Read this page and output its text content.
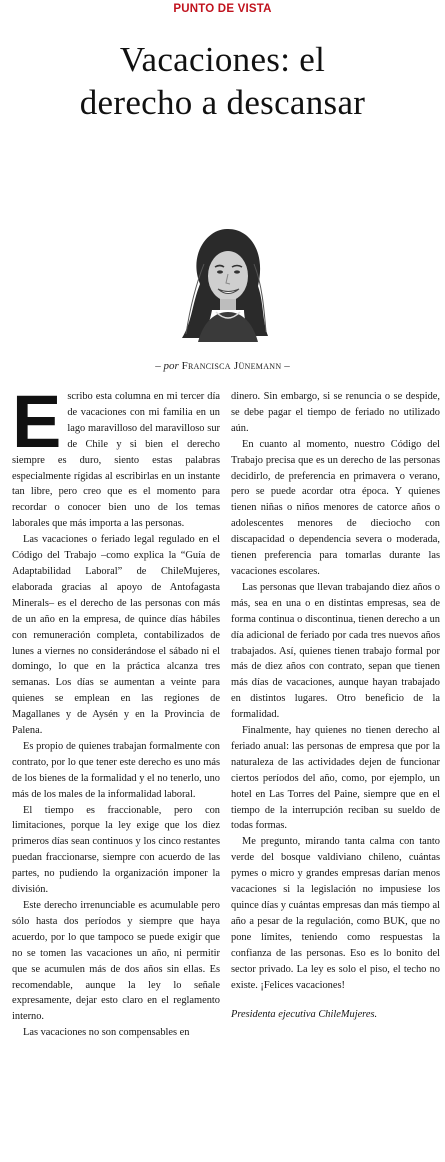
PUNTO DE VISTA
Vacaciones: el
derecho a descansar
– por Francisca Jünemann –

Escribo esta columna en mi tercer día de vacaciones con mi familia en un lago maravilloso del maravilloso sur de Chile y si bien el derecho siempre es duro, siento estas palabras especialmente rígidas al escribirlas en un instante tan libre, pero creo que es el momento para recordar o conocer bien uno de los temas laborales que más importa a las personas.

Las vacaciones o feriado legal regulado en el Código del Trabajo –como explica la “Guía de Adaptabilidad Laboral” de ChileMujeres, elaborada gracias al apoyo de Antofagasta Minerals– es el derecho de las personas con más de un año en la empresa, de quince días hábiles con remuneración completa, contabilizados de lunes a viernes no considerándose el sábado ni el domingo, lo que en la práctica alcanza tres semanas. Los días se aumentan a veinte para quienes se emplean en las regiones de Magallanes y de Aysén y en la Provincia de Palena.

Es propio de quienes trabajan formalmente con contrato, por lo que tener este derecho es uno más de los bienes de la formalidad y el no tenerlo, uno más de los males de la informalidad laboral.

El tiempo es fraccionable, pero con limitaciones, porque la ley exige que los diez primeros días sean continuos y los cinco restantes puedan fraccionarse, siempre con acuerdo de las partes, no pudiendo la organización imponer la división.

Este derecho irrenunciable es acumulable pero sólo hasta dos períodos y siempre que haya acuerdo, por lo que tampoco se puede exigir que no se tomen las vacaciones un año, ni permitir que se acumulen más de dos años sin ellas. Es recomendable, aunque la ley lo señale expresamente, dejar esto claro en el reglamento interno.

Las vacaciones no son compensables en

dinero. Sin embargo, si se renuncia o se despide, se debe pagar el tiempo de feriado no utilizado aún.

En cuanto al momento, nuestro Código del Trabajo precisa que es un derecho de las personas decidirlo, de preferencia en primavera o verano, pero se puede acordar otra época. Y quienes tienen niñas o niños menores de catorce años o adolescentes menores de dieciocho con discapacidad o dependencia severa o moderada, tienen preferencia para tomarlas durante las vacaciones escolares.

Las personas que llevan trabajando diez años o más, sea en una o en distintas empresas, sea de forma continua o discontinua, tienen derecho a un día adicional de feriado por cada tres nuevos años trabajados. Así, quienes tienen trabajo formal por más de diez años con contrato, sepan que tienen más días de vacaciones, aunque hayan trabajado en distintos lugares. Otro beneficio de la formalidad.

Finalmente, hay quienes no tienen derecho al feriado anual: las personas de empresa que por la naturaleza de las actividades dejen de funcionar ciertos períodos del año, como, por ejemplo, un hotel en Las Torres del Paine, siempre que en el tiempo de la interrupción reciban su sueldo de todas formas.

Me pregunto, mirando tanta calma con tanto verde del bosque valdiviano chileno, cuántas pymes o micro y grandes empresas darían menos vacaciones si la legislación no impusiese los quince días y cuántas empresas dan más tiempo al año a pesar de la regulación, como BUK, que no pone límites, teniendo como respuestas la confianza de las personas. Eso es lo bonito del sector privado. La ley es solo el piso, el techo no existe. ¡Felices vacaciones!

Presidenta ejecutiva ChileMujeres.
